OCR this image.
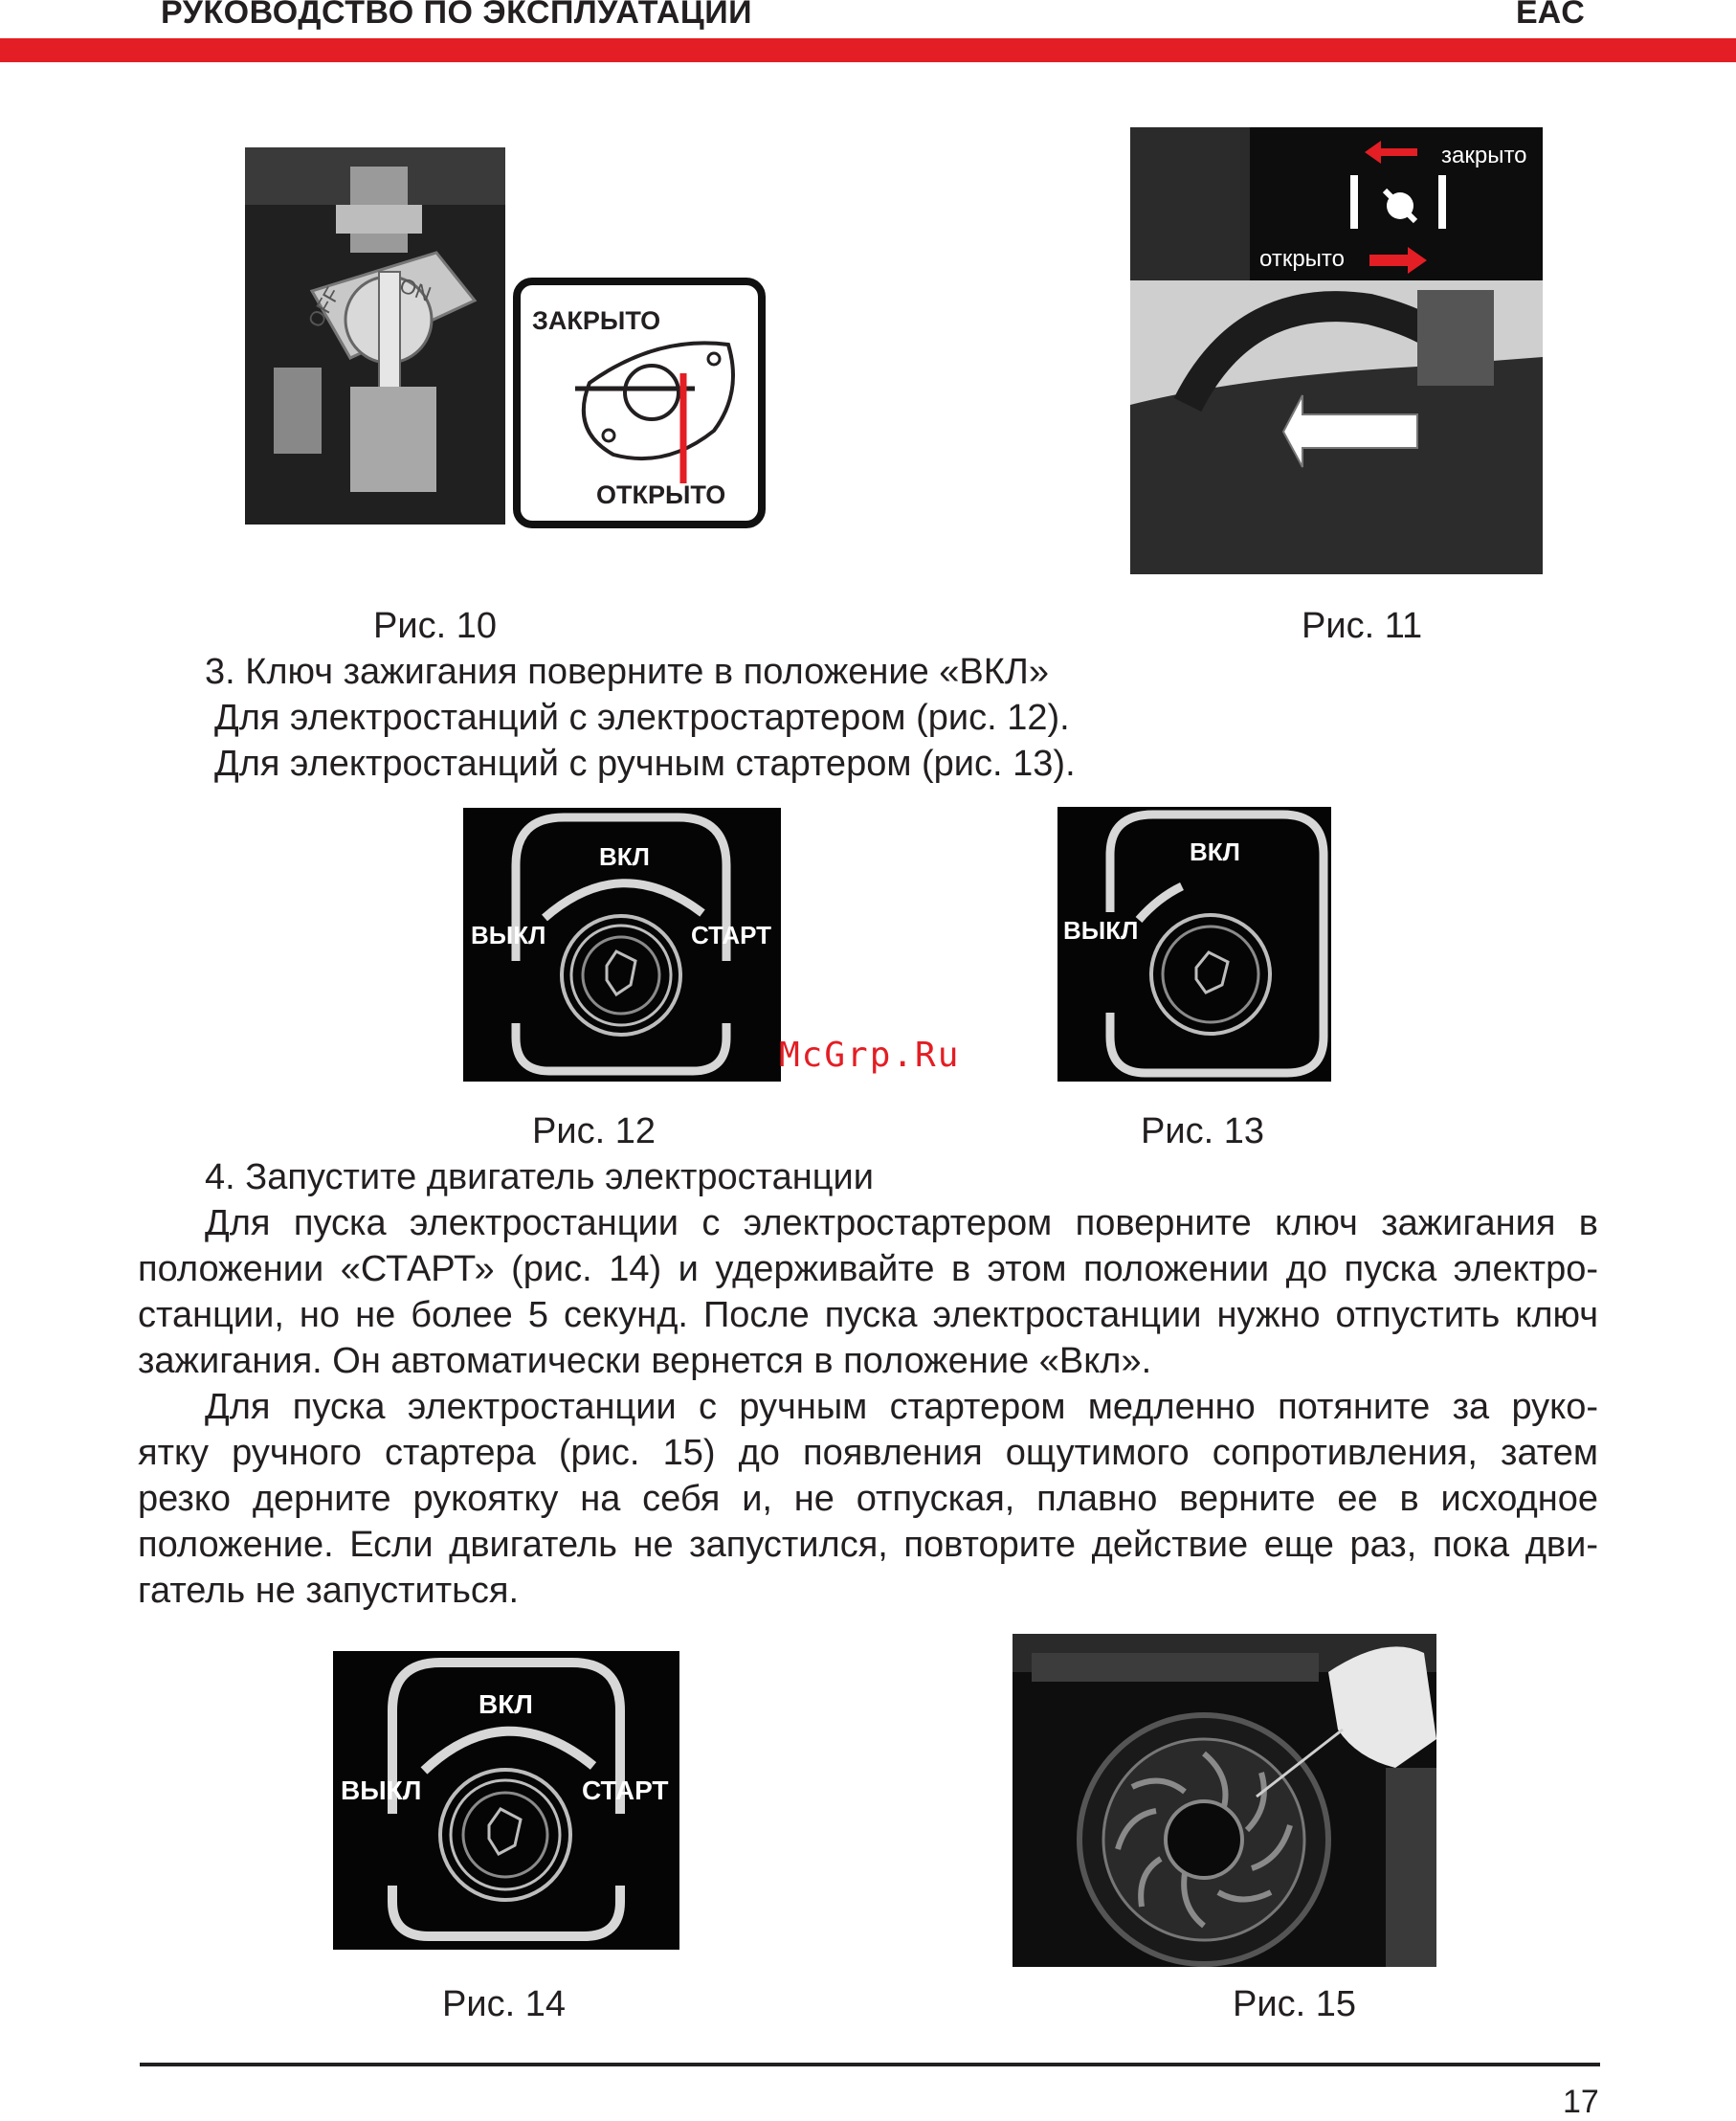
РУКОВОДСТВО ПО ЭКСПЛУАТАЦИИ	EAC
OFF ON
ЗАКРЫТО
ОТКРЫТО
закрыто
открыто
Рис. 10	Рис. 11
3. Ключ зажигания поверните в положение «ВКЛ»
Для электростанций с электростартером (рис. 12).
Для электростанций с ручным стартером (рис. 13).
ВКЛ
ВЫКЛ	СТАРТ
McGrp.Ru
ВКЛ
ВЫКЛ
Рис. 12	Рис. 13
4. Запустите двигатель электростанции
Для пуска электростанции с электростартером поверните ключ зажигания в
положении «СТАРТ» (рис. 14) и удерживайте в этом положении до пуска электро-
станции, но не более 5 секунд. После пуска электростанции нужно отпустить ключ
зажигания. Он автоматически вернется в положение «Вкл».
Для пуска электростанции с ручным стартером медленно потяните за руко-
ятку ручного стартера (рис. 15) до появления ощутимого сопротивления, затем
резко дерните рукоятку на себя и, не отпуская, плавно верните ее в исходное
положение. Если двигатель не запустился, повторите действие еще раз, пока дви-
гатель не запуститься.
ВКЛ
ВЫКЛ	СТАРТ
Рис. 14	Рис. 15
17
